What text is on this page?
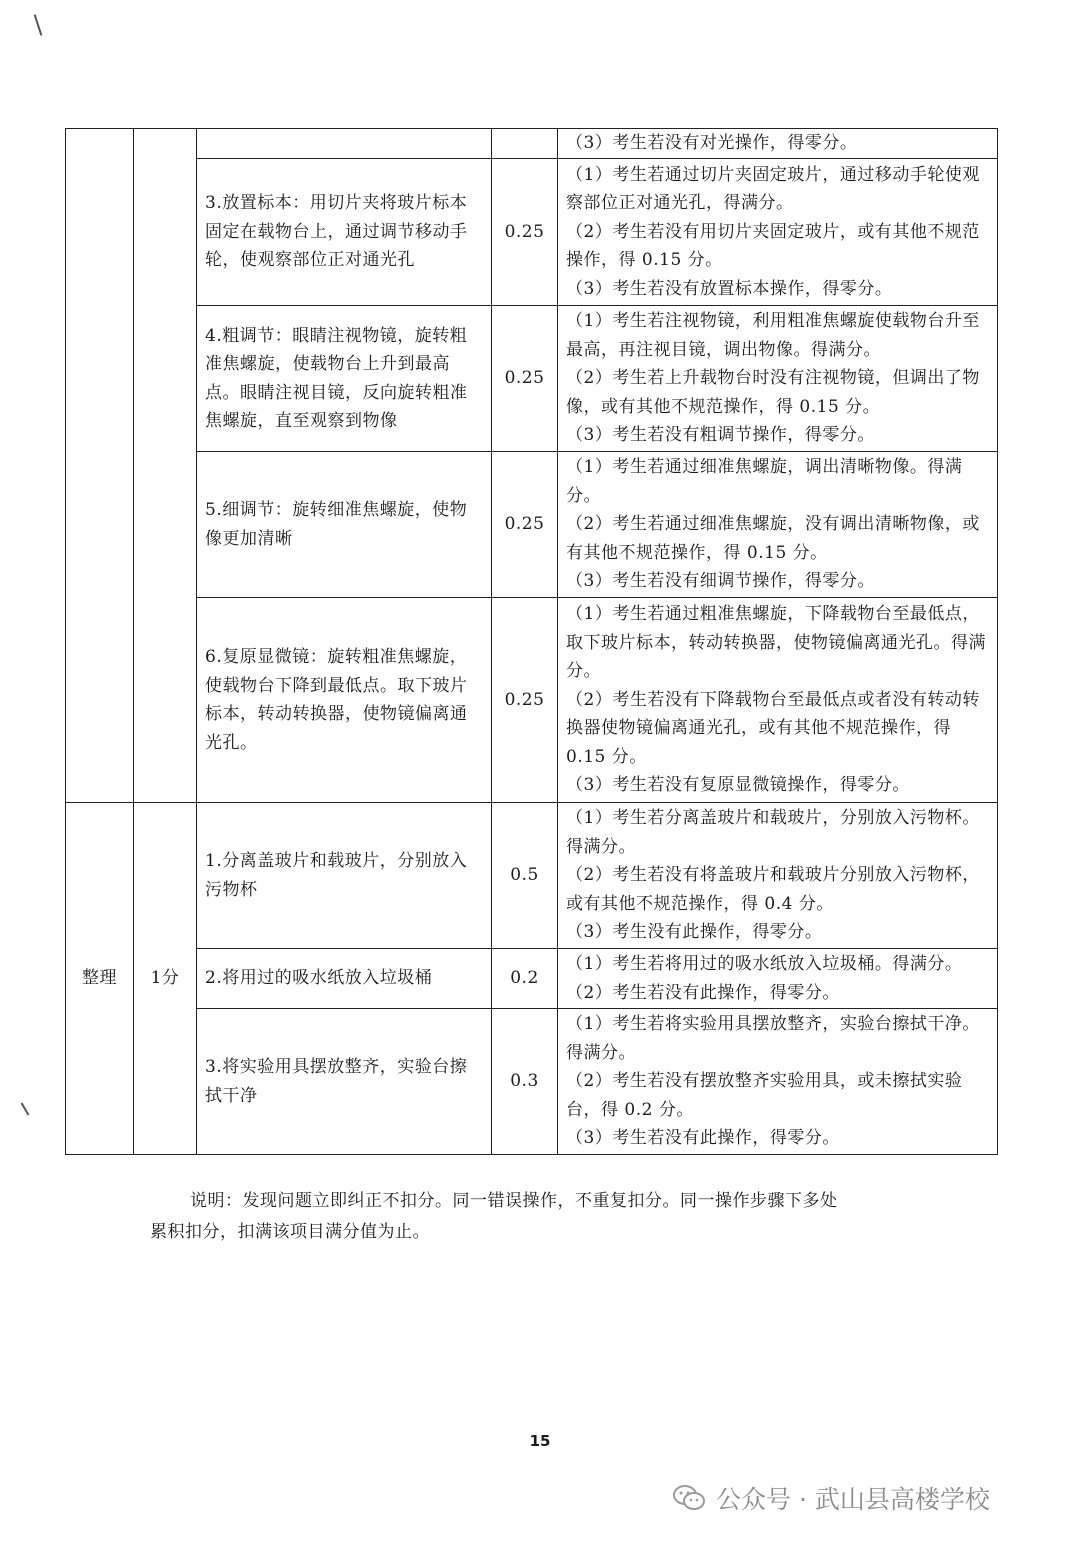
				（3）考生若没有对光操作，得零分。

		3.放置标本：用切片夹将玻片标本固定在载物台上，通过调节移动手轮，使观察部位正对通光孔	0.25	（1）考生若通过切片夹固定玻片，通过移动手轮使观察部位正对通光孔，得满分。
（2）考生若没有用切片夹固定玻片，或有其他不规范操作，得 0.15 分。
（3）考生若没有放置标本操作，得零分。

		4.粗调节：眼睛注视物镜，旋转粗准焦螺旋，使载物台上升到最高点。眼睛注视目镜，反向旋转粗准焦螺旋，直至观察到物像	0.25	（1）考生若注视物镜，利用粗准焦螺旋使载物台升至最高，再注视目镜，调出物像。得满分。
（2）考生若上升载物台时没有注视物镜，但调出了物像，或有其他不规范操作，得 0.15 分。
（3）考生若没有粗调节操作，得零分。

		5.细调节：旋转细准焦螺旋，使物像更加清晰	0.25	（1）考生若通过细准焦螺旋，调出清晰物像。得满分。
（2）考生若通过细准焦螺旋，没有调出清晰物像，或有其他不规范操作，得 0.15 分。
（3）考生若没有细调节操作，得零分。

		6.复原显微镜：旋转粗准焦螺旋，使载物台下降到最低点。取下玻片标本，转动转换器，使物镜偏离通光孔。	0.25	（1）考生若通过粗准焦螺旋，下降载物台至最低点，取下玻片标本，转动转换器，使物镜偏离通光孔。得满分。
（2）考生若没有下降载物台至最低点或者没有转动转换器使物镜偏离通光孔，或有其他不规范操作，得 0.15 分。
（3）考生若没有复原显微镜操作，得零分。

整理	1分	1.分离盖玻片和载玻片，分别放入污物杯	0.5	（1）考生若分离盖玻片和载玻片，分别放入污物杯。得满分。
（2）考生若没有将盖玻片和载玻片分别放入污物杯，或有其他不规范操作，得 0.4 分。
（3）考生没有此操作，得零分。

		2.将用过的吸水纸放入垃圾桶	0.2	（1）考生若将用过的吸水纸放入垃圾桶。得满分。
（2）考生若没有此操作，得零分。

		3.将实验用具摆放整齐，实验台擦拭干净	0.3	（1）考生若将实验用具摆放整齐，实验台擦拭干净。得满分。
（2）考生若没有摆放整齐实验用具，或未擦拭实验台，得 0.2 分。
（3）考生若没有此操作，得零分。
说明：发现问题立即纠正不扣分。同一错误操作，不重复扣分。同一操作步骤下多处
累积扣分，扣满该项目满分值为止。
15
公众号 · 武山县高楼学校
